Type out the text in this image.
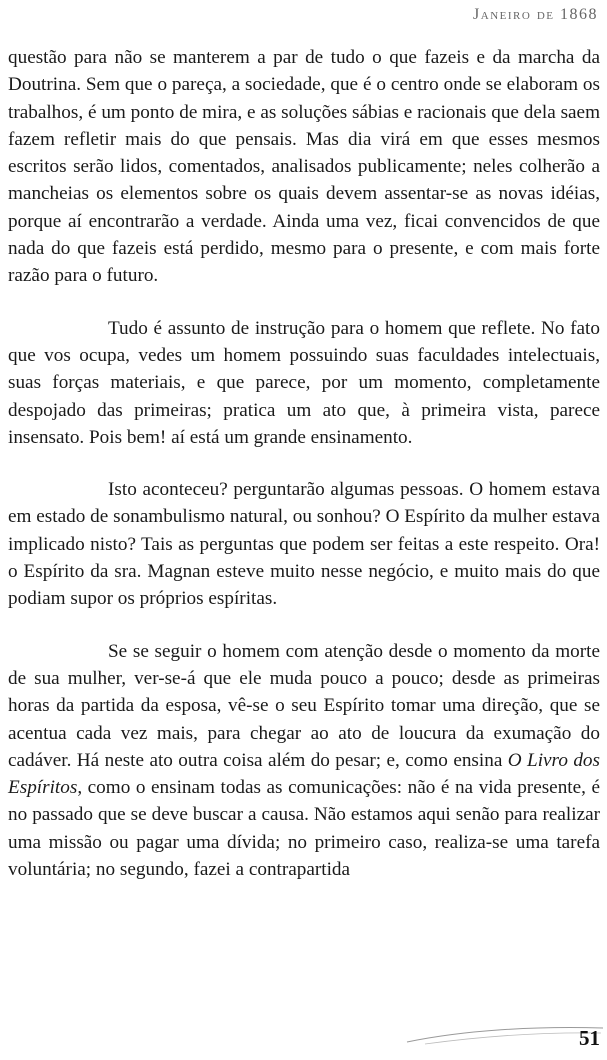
Janeiro de 1868

questão para não se manterem a par de tudo o que fazeis e da marcha da Doutrina. Sem que o pareça, a sociedade, que é o centro onde se elaboram os trabalhos, é um ponto de mira, e as soluções sábias e racionais que dela saem fazem refletir mais do que pensais. Mas dia virá em que esses mesmos escritos serão lidos, comentados, analisados publicamente; neles colherão a mancheias os elementos sobre os quais devem assentar-se as novas idéias, porque aí encontrarão a verdade. Ainda uma vez, ficai convencidos de que nada do que fazeis está perdido, mesmo para o presente, e com mais forte razão para o futuro.

Tudo é assunto de instrução para o homem que reflete. No fato que vos ocupa, vedes um homem possuindo suas faculdades intelectuais, suas forças materiais, e que parece, por um momento, completamente despojado das primeiras; pratica um ato que, à primeira vista, parece insensato. Pois bem! aí está um grande ensinamento.

Isto aconteceu? perguntarão algumas pessoas. O homem estava em estado de sonambulismo natural, ou sonhou? O Espírito da mulher estava implicado nisto? Tais as perguntas que podem ser feitas a este respeito. Ora! o Espírito da sra. Magnan esteve muito nesse negócio, e muito mais do que podiam supor os próprios espíritas.

Se se seguir o homem com atenção desde o momento da morte de sua mulher, ver-se-á que ele muda pouco a pouco; desde as primeiras horas da partida da esposa, vê-se o seu Espírito tomar uma direção, que se acentua cada vez mais, para chegar ao ato de loucura da exumação do cadáver. Há neste ato outra coisa além do pesar; e, como ensina O Livro dos Espíritos, como o ensinam todas as comunicações: não é na vida presente, é no passado que se deve buscar a causa. Não estamos aqui senão para realizar uma missão ou pagar uma dívida; no primeiro caso, realiza-se uma tarefa voluntária; no segundo, fazei a contrapartida

51
